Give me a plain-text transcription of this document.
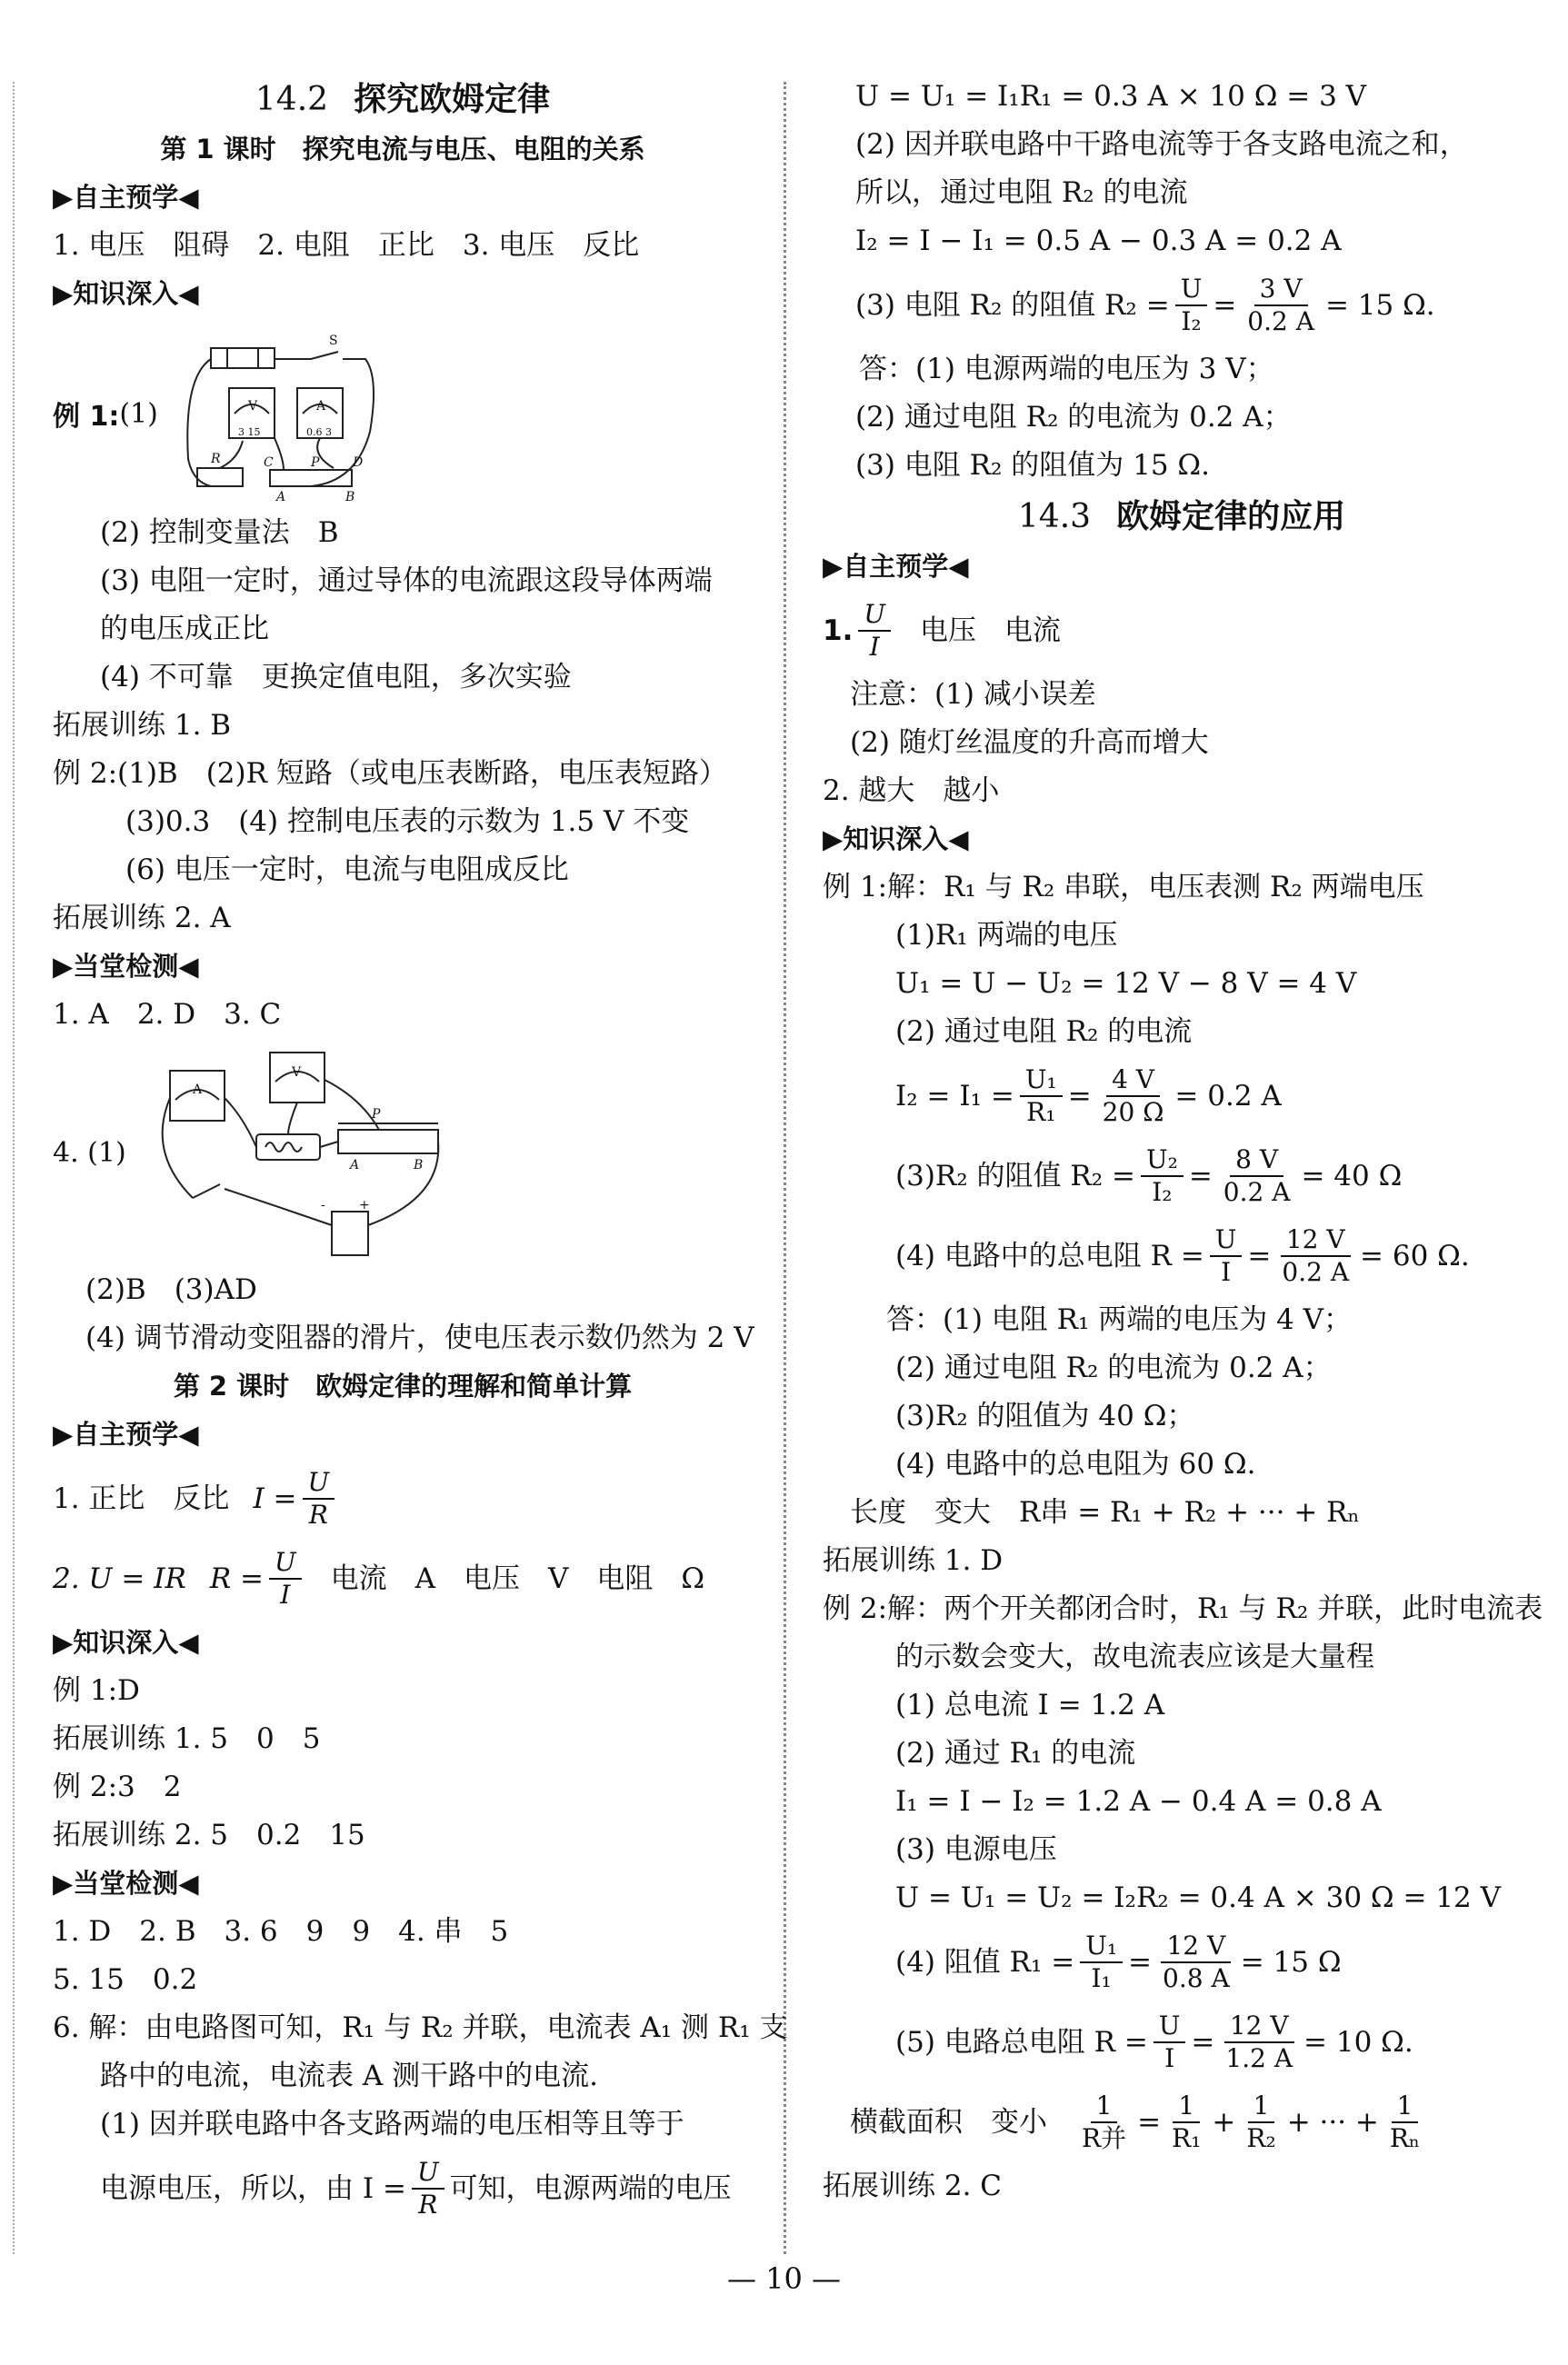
14.2 探究欧姆定律
第 1 课时　探究电流与电压、电阻的关系
▶自主预学◀
1. 电压　阻碍　2. 电阻　正比　3. 电压　反比
▶知识深入◀
例 1: (1)
S
V	A
3 15	0.6 3
R	C	P	D
A	B
(2) 控制变量法　B
(3) 电阻一定时，通过导体的电流跟这段导体两端
的电压成正比
(4) 不可靠　更换定值电阻，多次实验
拓展训练 1. B
例 2:(1)B　(2)R 短路（或电压表断路，电压表短路）
(3)0.3　(4) 控制电压表的示数为 1.5 V 不变
(6) 电压一定时，电流与电阻成反比
拓展训练 2. A
▶当堂检测◀
1. A　2. D　3. C
4. (1)
A
V
P
A	B
+
-
(2)B　(3)AD
(4) 调节滑动变阻器的滑片，使电压表示数仍然为 2 V
第 2 课时　欧姆定律的理解和简单计算
▶自主预学◀
1. 正比　反比 $I = \frac{U}{R}$
2. U = IR $R = \frac{U}{I}$ 电流　A　电压　V　电阻　Ω
▶知识深入◀
例 1:D
拓展训练 1. 5　0　5
例 2:3　2
拓展训练 2. 5　0.2　15
▶当堂检测◀
1. D　2. B　3. 6　9　9　4. 串　5
5. 15　0.2
6. 解：由电路图可知，R₁ 与 R₂ 并联，电流表 A₁ 测 R₁ 支
路中的电流，电流表 A 测干路中的电流.
(1) 因并联电路中各支路两端的电压相等且等于
电源电压，所以，由 $I = \frac{U}{R}$ 可知，电源两端的电压
U = U₁ = I₁R₁ = 0.3 A × 10 Ω = 3 V
(2) 因并联电路中干路电流等于各支路电流之和，
所以，通过电阻 R₂ 的电流
I₂ = I − I₁ = 0.5 A − 0.3 A = 0.2 A
(3) 电阻 R₂ 的阻值 $R_2 = \frac{U}{\text{I₂}} = \frac{3 V}{0.2 A} = 15$ Ω.
答：(1) 电源两端的电压为 3 V；
(2) 通过电阻 R₂ 的电流为 0.2 A；
(3) 电阻 R₂ 的阻值为 15 Ω.
14.3 欧姆定律的应用
▶自主预学◀
1. $\frac{U}{I}$ 电压　电流
注意：(1) 减小误差
(2) 随灯丝温度的升高而增大
2. 越大　越小
▶知识深入◀
例 1:解：R₁ 与 R₂ 串联，电压表测 R₂ 两端电压
(1)R₁ 两端的电压
U₁ = U − U₂ = 12 V − 8 V = 4 V
(2) 通过电阻 R₂ 的电流
$I_2 = I_1 = \frac{\text{U₁}}{\text{R₁}} = \frac{4 V}{20 \Omega} = 0.2$ A
(3)R₂ 的阻值 $R_2 = \frac{\text{U₂}}{\text{I₂}} = \frac{8 V}{0.2 A} = 40$ Ω
(4) 电路中的总电阻 $R = \frac{U}{I} = \frac{12 V}{0.2 A} = 60$ Ω.
答：(1) 电阻 R₁ 两端的电压为 4 V；
(2) 通过电阻 R₂ 的电流为 0.2 A；
(3)R₂ 的阻值为 40 Ω；
(4) 电路中的总电阻为 60 Ω.
长度　变大　R串 = R₁ + R₂ + ··· + Rₙ
拓展训练 1. D
例 2:解：两个开关都闭合时，R₁ 与 R₂ 并联，此时电流表
的示数会变大，故电流表应该是大量程
(1) 总电流 I = 1.2 A
(2) 通过 R₁ 的电流
I₁ = I − I₂ = 1.2 A − 0.4 A = 0.8 A
(3) 电源电压
U = U₁ = U₂ = I₂R₂ = 0.4 A × 30 Ω = 12 V
(4) 阻值 $R_1 = \frac{\text{U₁}}{\text{I₁}} = \frac{12 V}{0.8 A} = 15$ Ω
(5) 电路总电阻 $R = \frac{U}{I} = \frac{12 V}{1.2 A} = 10$ Ω.
横截面积　变小 $\frac{1}{\text{R并}} = \frac{1}{\text{R₁}} + \frac{1}{\text{R₂}}$ + ··· + $\frac{1}{\text{Rₙ}}$
拓展训练 2. C
— 10 —
